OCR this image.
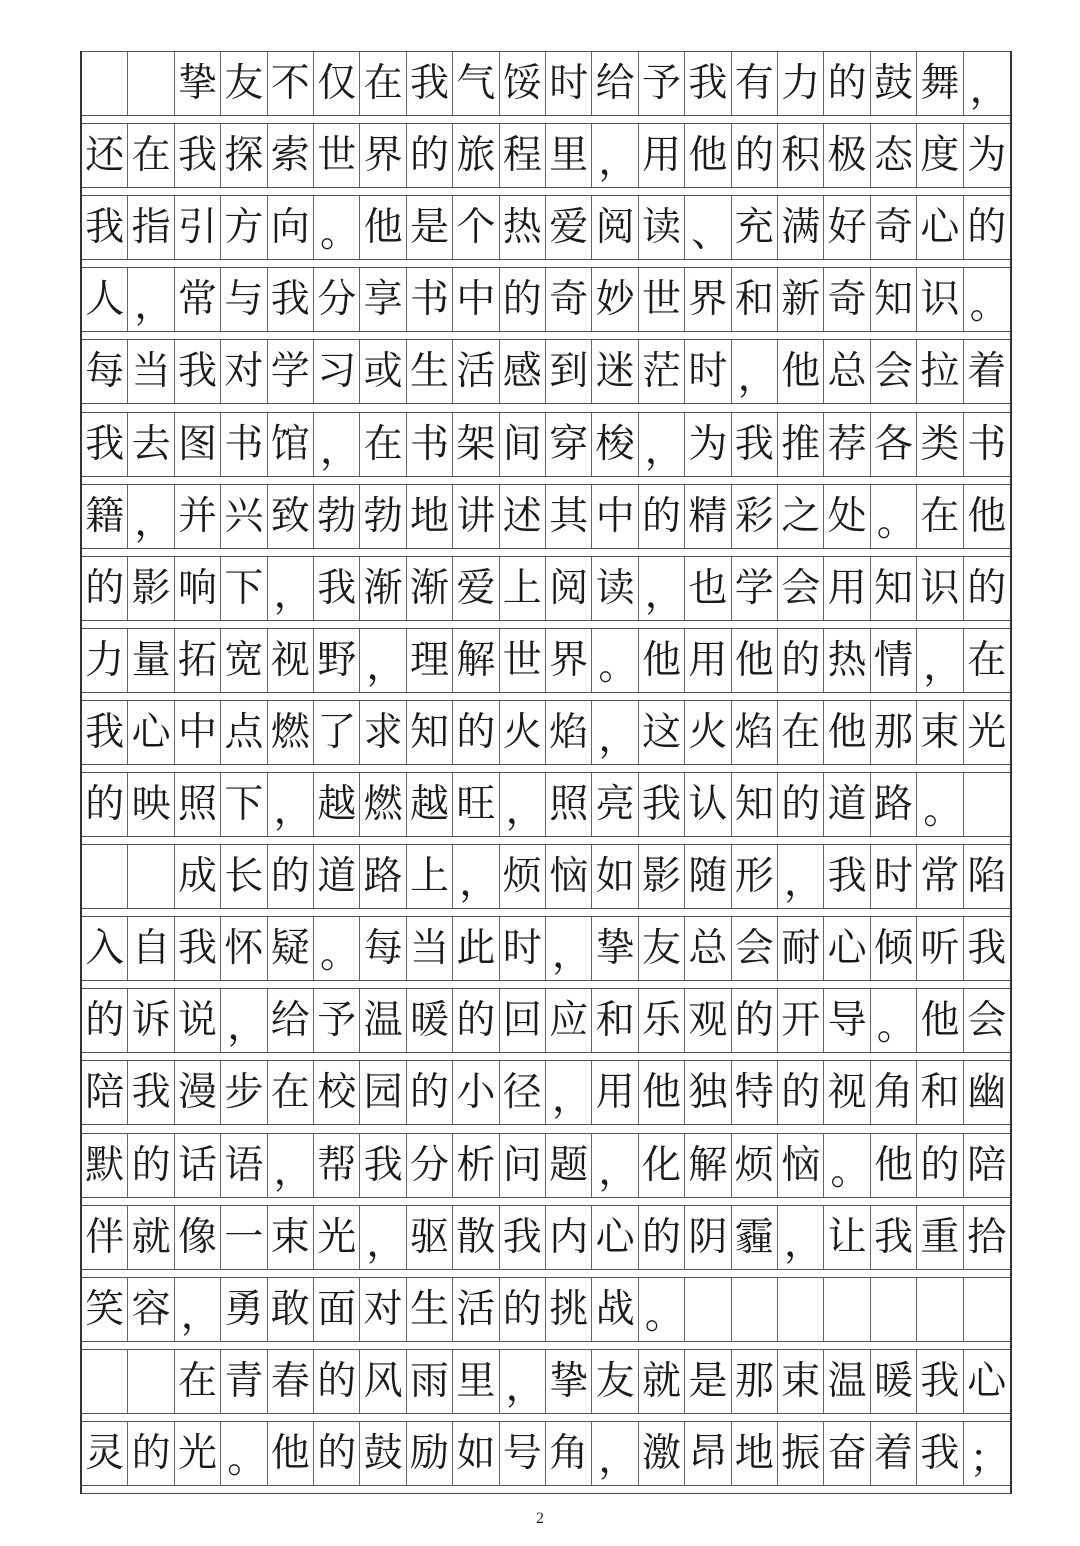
挚 友 不 仅 在 我 气 馁 时 给 予 我 有 力 的 鼓 舞 ，
还 在 我 探 索 世 界 的 旅 程 里 ， 用 他 的 积 极 态 度 为
我 指 引 方 向 。 他 是 个 热 爱 阅 读 、 充 满 好 奇 心 的
人 ， 常 与 我 分 享 书 中 的 奇 妙 世 界 和 新 奇 知 识 。
每 当 我 对 学 习 或 生 活 感 到 迷 茫 时 ， 他 总 会 拉 着
我 去 图 书 馆 ， 在 书 架 间 穿 梭 ， 为 我 推 荐 各 类 书
籍 ， 并 兴 致 勃 勃 地 讲 述 其 中 的 精 彩 之 处 。 在 他
的 影 响 下 ， 我 渐 渐 爱 上 阅 读 ， 也 学 会 用 知 识 的
力 量 拓 宽 视 野 ， 理 解 世 界 。 他 用 他 的 热 情 ， 在
我 心 中 点 燃 了 求 知 的 火 焰 ， 这 火 焰 在 他 那 束 光
的 映 照 下 ， 越 燃 越 旺 ， 照 亮 我 认 知 的 道 路 。
成 长 的 道 路 上 ， 烦 恼 如 影 随 形 ， 我 时 常 陷
入 自 我 怀 疑 。 每 当 此 时 ， 挚 友 总 会 耐 心 倾 听 我
的 诉 说 ， 给 予 温 暖 的 回 应 和 乐 观 的 开 导 。 他 会
陪 我 漫 步 在 校 园 的 小 径 ， 用 他 独 特 的 视 角 和 幽
默 的 话 语 ， 帮 我 分 析 问 题 ， 化 解 烦 恼 。 他 的 陪
伴 就 像 一 束 光 ， 驱 散 我 内 心 的 阴 霾 ， 让 我 重 拾
笑 容 ， 勇 敢 面 对 生 活 的 挑 战 。
在 青 春 的 风 雨 里 ， 挚 友 就 是 那 束 温 暖 我 心
灵 的 光 。 他 的 鼓 励 如 号 角 ， 激 昂 地 振 奋 着 我 ；
2
